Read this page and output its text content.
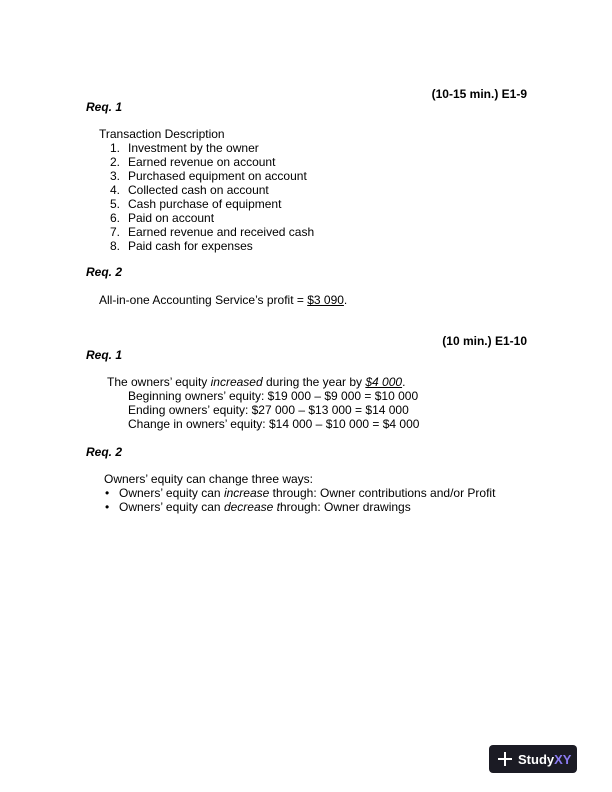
(10-15 min.) E1-9
Req. 1
Transaction Description
1. Investment by the owner
2. Earned revenue on account
3. Purchased equipment on account
4. Collected cash on account
5. Cash purchase of equipment
6. Paid on account
7. Earned revenue and received cash
8. Paid cash for expenses
Req. 2
All-in-one Accounting Service’s profit = $3 090.
(10 min.) E1-10
Req. 1
The owners’ equity increased during the year by $4 000.
Beginning owners’ equity: $19 000 – $9 000 = $10 000
Ending owners’ equity: $27 000 – $13 000 = $14 000
Change in owners’ equity: $14 000 – $10 000 = $4 000
Req. 2
Owners’ equity can change three ways:
• Owners’ equity can increase through: Owner contributions and/or Profit
• Owners’ equity can decrease through: Owner drawings
Study XY
